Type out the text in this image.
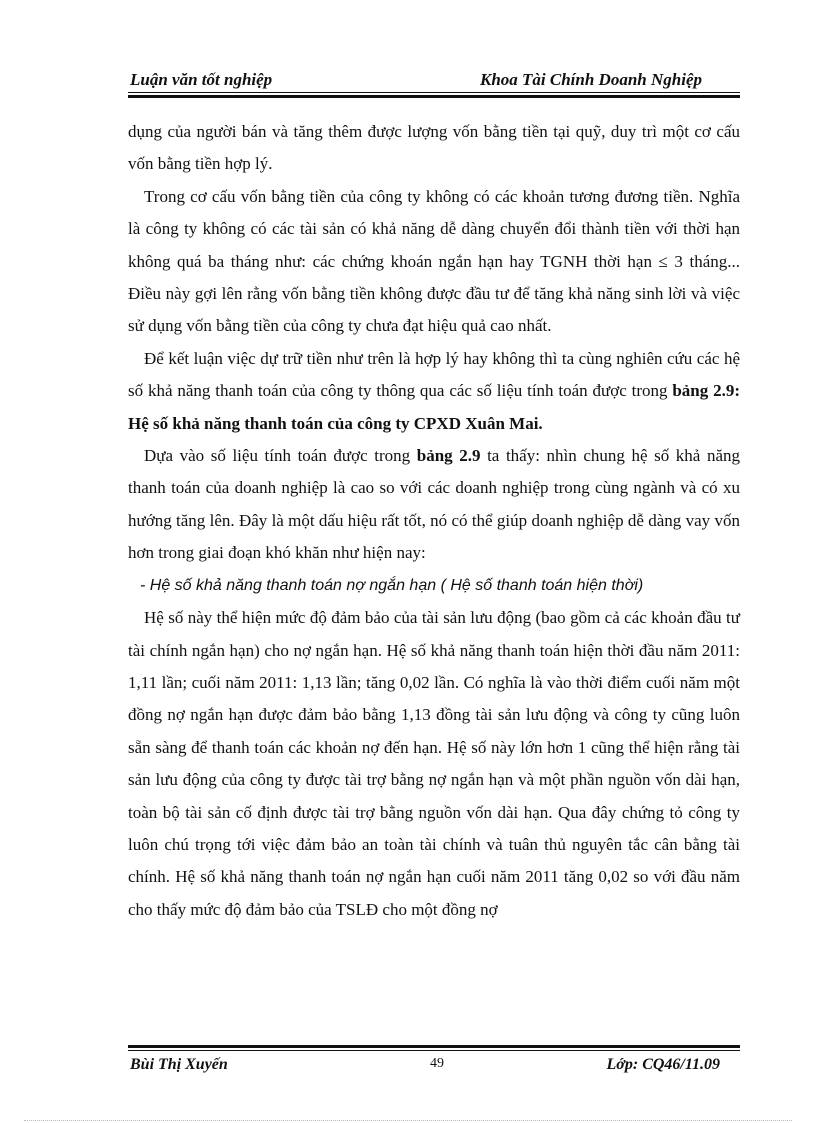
Luận văn tốt nghiệp	Khoa Tài Chính Doanh Nghiệp

dụng của người bán và tăng thêm được lượng vốn bằng tiền tại quỹ, duy trì một cơ cấu vốn bằng tiền hợp lý.

Trong cơ cấu vốn bằng tiền của công ty không có các khoản tương đương tiền. Nghĩa là công ty không có các tài sản có khả năng dễ dàng chuyển đổi thành tiền với thời hạn không quá ba tháng như: các chứng khoán ngắn hạn hay TGNH thời hạn ≤ 3 tháng... Điều này gợi lên rằng vốn bằng tiền không được đầu tư để tăng khả năng sinh lời và việc sử dụng vốn bằng tiền của công ty chưa đạt hiệu quả cao nhất.

Để kết luận việc dự trữ tiền như trên là hợp lý hay không thì ta cùng nghiên cứu các hệ số khả năng thanh toán của công ty thông qua các số liệu tính toán được trong bảng 2.9: Hệ số khả năng thanh toán của công ty CPXD Xuân Mai.

Dựa vào số liệu tính toán được trong bảng 2.9 ta thấy: nhìn chung hệ số khả năng thanh toán của doanh nghiệp là cao so với các doanh nghiệp trong cùng ngành và có xu hướng tăng lên. Đây là một dấu hiệu rất tốt, nó có thể giúp doanh nghiệp dễ dàng vay vốn hơn trong giai đoạn khó khăn như hiện nay:

- Hệ số khả năng thanh toán nợ ngắn hạn ( Hệ số thanh toán hiện thời)

Hệ số này thể hiện mức độ đảm bảo của tài sản lưu động (bao gồm cả các khoản đầu tư tài chính ngắn hạn) cho nợ ngắn hạn. Hệ số khả năng thanh toán hiện thời đầu năm 2011: 1,11 lần; cuối năm 2011: 1,13 lần; tăng 0,02 lần. Có nghĩa là vào thời điểm cuối năm một đồng nợ ngắn hạn được đảm bảo bằng 1,13 đồng tài sản lưu động và công ty cũng luôn sẵn sàng để thanh toán các khoản nợ đến hạn. Hệ số này lớn hơn 1 cũng thể hiện rằng tài sản lưu động của công ty được tài trợ bằng nợ ngắn hạn và một phần nguồn vốn dài hạn, toàn bộ tài sản cố định được tài trợ bằng nguồn vốn dài hạn. Qua đây chứng tỏ công ty luôn chú trọng tới việc đảm bảo an toàn tài chính và tuân thủ nguyên tắc cân bằng tài chính. Hệ số khả năng thanh toán nợ ngắn hạn cuối năm 2011 tăng 0,02 so với đầu năm cho thấy mức độ đảm bảo của TSLĐ cho một đồng nợ

Bùi Thị Xuyến	49	Lớp: CQ46/11.09
